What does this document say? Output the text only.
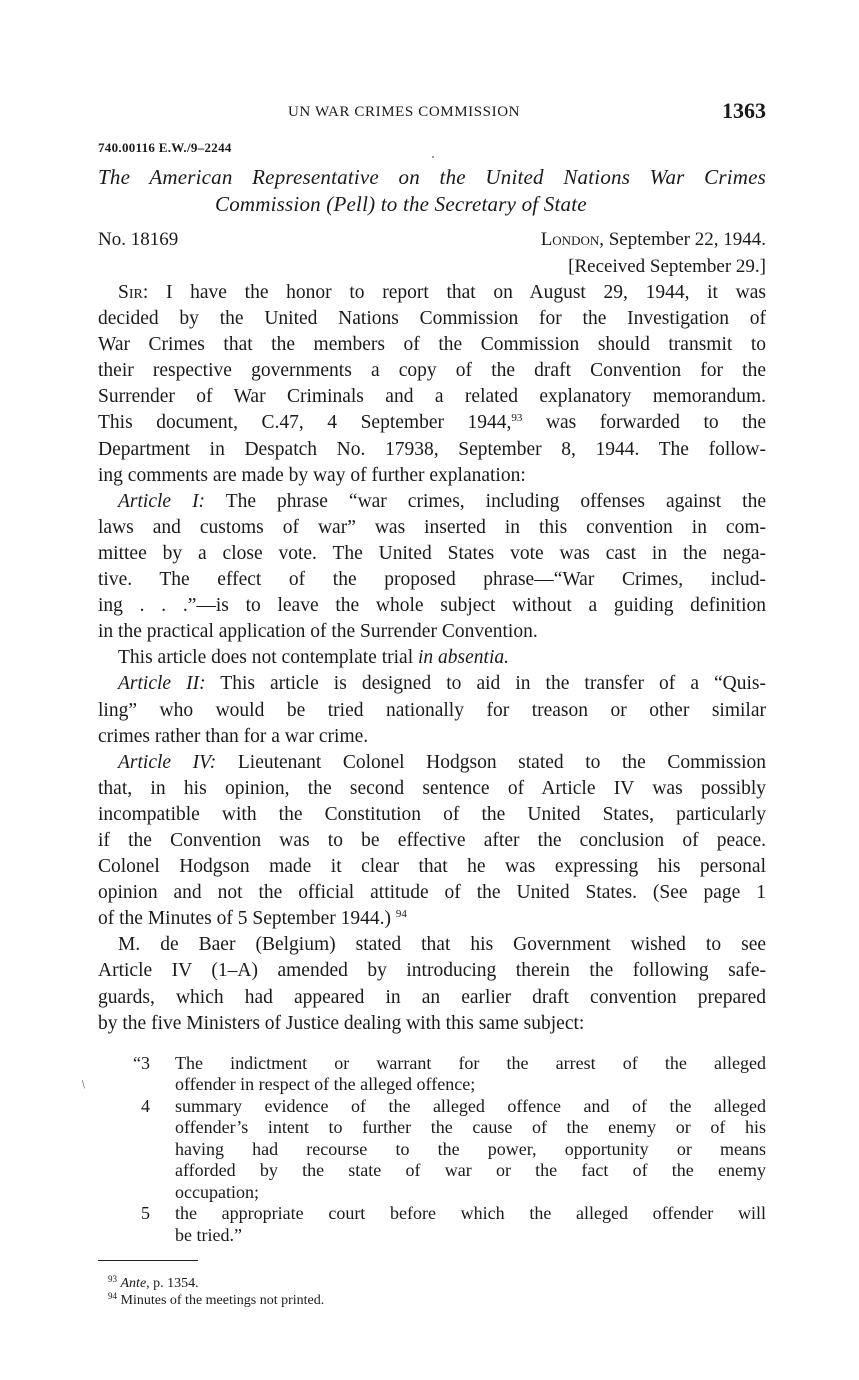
/
UN WAR CRIMES COMMISSION	1363
740.00116 E.W./9–2244
The American Representative on the United Nations War Crimes
Commission (Pell) to the Secretary of State
No. 18169	London, September 22, 1944.
[Received September 29.]
Sir: I have the honor to report that on August 29, 1944, it was
decided by the United Nations Commission for the Investigation of
War Crimes that the members of the Commission should transmit to
their respective governments a copy of the draft Convention for the
Surrender of War Criminals and a related explanatory memorandum.
This document, C.47, 4 September 1944,93 was forwarded to the
Department in Despatch No. 17938, September 8, 1944. The follow-
ing comments are made by way of further explanation:
Article I: The phrase “war crimes, including offenses against the
laws and customs of war” was inserted in this convention in com-
mittee by a close vote. The United States vote was cast in the nega-
tive. The effect of the proposed phrase—“War Crimes, includ-
ing . . .”—is to leave the whole subject without a guiding definition
in the practical application of the Surrender Convention.
This article does not contemplate trial in absentia.
Article II: This article is designed to aid in the transfer of a “Quis-
ling” who would be tried nationally for treason or other similar
crimes rather than for a war crime.
Article IV: Lieutenant Colonel Hodgson stated to the Commission
that, in his opinion, the second sentence of Article IV was possibly
incompatible with the Constitution of the United States, particularly
if the Convention was to be effective after the conclusion of peace.
Colonel Hodgson made it clear that he was expressing his personal
opinion and not the official attitude of the United States. (See page 1
of the Minutes of 5 September 1944.) $^{94}$
M. de Baer (Belgium) stated that his Government wished to see
Article IV (1–A) amended by introducing therein the following safe-
guards, which had appeared in an earlier draft convention prepared
by the five Ministers of Justice dealing with this same subject:
“3 The indictment or warrant for the arrest of the alleged
offender in respect of the alleged offence;
4 summary evidence of the alleged offence and of the alleged
offender’s intent to further the cause of the enemy or of his
having had recourse to the power, opportunity or means
afforded by the state of war or the fact of the enemy
occupation;
5 the appropriate court before which the alleged offender will
be tried.”
$^{93}$ Ante, p. 1354.
$^{94}$ Minutes of the meetings not printed.
